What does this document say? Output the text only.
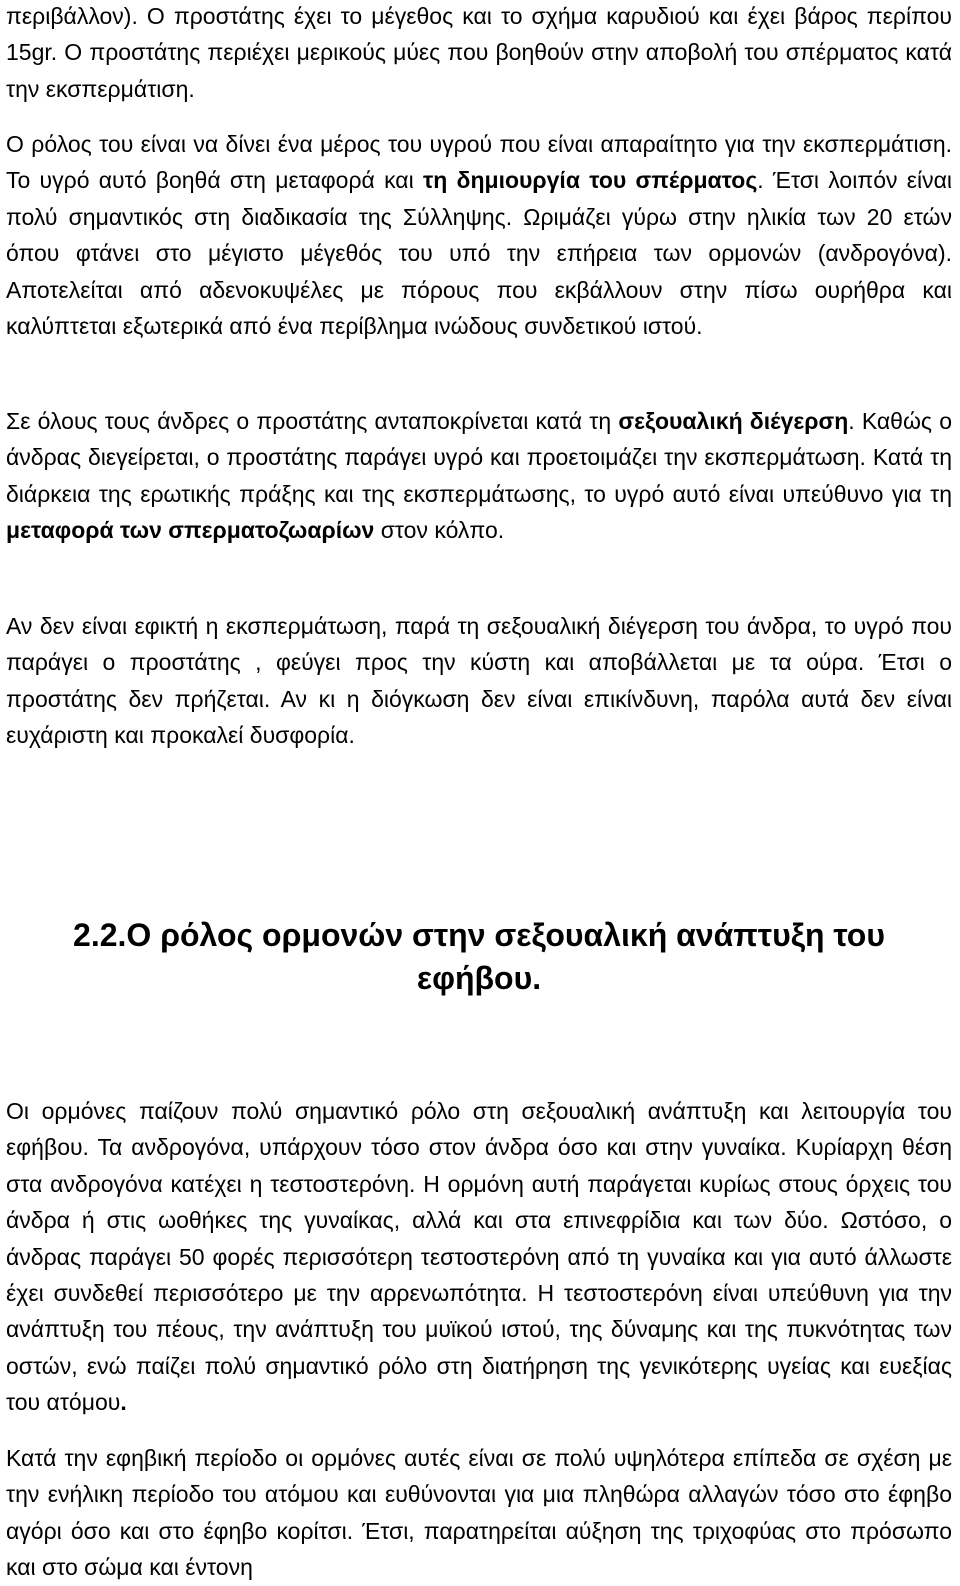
περιβάλλον). Ο προστάτης έχει το μέγεθος και το σχήμα καρυδιού και έχει βάρος περίπου 15gr. Ο προστάτης περιέχει μερικούς μύες που βοηθούν στην αποβολή του σπέρματος κατά την εκσπερμάτιση.

Ο ρόλος του είναι να δίνει ένα μέρος του υγρού που είναι απαραίτητο για την εκσπερμάτιση. Το υγρό αυτό βοηθά στη μεταφορά και τη δημιουργία του σπέρματος. Έτσι λοιπόν είναι πολύ σημαντικός στη διαδικασία της Σύλληψης. Ωριμάζει γύρω στην ηλικία των 20 ετών όπου φτάνει στο μέγιστο μέγεθός του υπό την επήρεια των ορμονών (ανδρογόνα). Αποτελείται από αδενοκυψέλες με πόρους που εκβάλλουν στην πίσω ουρήθρα και καλύπτεται εξωτερικά από ένα περίβλημα ινώδους συνδετικού ιστού.

Σε όλους τους άνδρες ο προστάτης ανταποκρίνεται κατά τη σεξουαλική διέγερση. Καθώς ο άνδρας διεγείρεται, ο προστάτης παράγει υγρό και προετοιμάζει την εκσπερμάτωση. Κατά τη διάρκεια της ερωτικής πράξης και της εκσπερμάτωσης, το υγρό αυτό είναι υπεύθυνο για τη μεταφορά των σπερματοζωαρίων στον κόλπο.

Αν δεν είναι εφικτή η εκσπερμάτωση, παρά τη σεξουαλική διέγερση του άνδρα, το υγρό που παράγει ο προστάτης , φεύγει προς την κύστη και αποβάλλεται με τα ούρα. Έτσι ο προστάτης δεν πρήζεται. Αν κι η διόγκωση δεν είναι επικίνδυνη, παρόλα αυτά δεν είναι ευχάριστη και προκαλεί δυσφορία.

2.2.Ο ρόλος ορμονών στην σεξουαλική ανάπτυξη του
εφήβου.

Οι ορμόνες παίζουν πολύ σημαντικό ρόλο στη σεξουαλική ανάπτυξη και λειτουργία του εφήβου. Τα ανδρογόνα, υπάρχουν τόσο στον άνδρα όσο και στην γυναίκα. Κυρίαρχη θέση στα ανδρογόνα κατέχει η τεστοστερόνη. Η ορμόνη αυτή παράγεται κυρίως στους όρχεις του άνδρα ή στις ωοθήκες της γυναίκας, αλλά και στα επινεφρίδια και των δύο. Ωστόσο, ο άνδρας παράγει 50 φορές περισσότερη τεστοστερόνη από τη γυναίκα και για αυτό άλλωστε έχει συνδεθεί περισσότερο με την αρρενωπότητα. Η τεστοστερόνη είναι υπεύθυνη για την ανάπτυξη του πέους, την ανάπτυξη του μυϊκού ιστού, της δύναμης και της πυκνότητας των οστών, ενώ παίζει πολύ σημαντικό ρόλο στη διατήρηση της γενικότερης υγείας και ευεξίας του ατόμου.

Κατά την εφηβική περίοδο οι ορμόνες αυτές είναι σε πολύ υψηλότερα επίπεδα σε σχέση με την ενήλικη περίοδο του ατόμου και ευθύνονται για μια πληθώρα αλλαγών τόσο στο έφηβο αγόρι όσο και στο έφηβο κορίτσι. Έτσι, παρατηρείται αύξηση της τριχοφύας στο πρόσωπο και στο σώμα και έντονη
